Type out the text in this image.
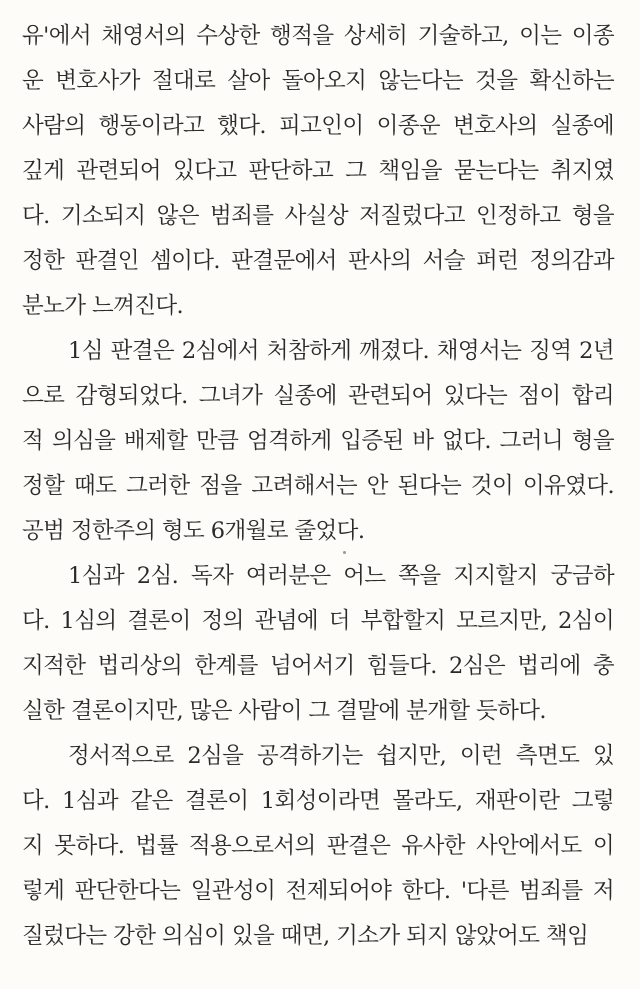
유'에서 채영서의 수상한 행적을 상세히 기술하고, 이는 이종
운 변호사가 절대로 살아 돌아오지 않는다는 것을 확신하는
사람의 행동이라고 했다. 피고인이 이종운 변호사의 실종에
깊게 관련되어 있다고 판단하고 그 책임을 묻는다는 취지였
다. 기소되지 않은 범죄를 사실상 저질렀다고 인정하고 형을
정한 판결인 셈이다. 판결문에서 판사의 서슬 퍼런 정의감과
분노가 느껴진다.
1심 판결은 2심에서 처참하게 깨졌다. 채영서는 징역 2년
으로 감형되었다. 그녀가 실종에 관련되어 있다는 점이 합리
적 의심을 배제할 만큼 엄격하게 입증된 바 없다. 그러니 형을
정할 때도 그러한 점을 고려해서는 안 된다는 것이 이유였다.
공범 정한주의 형도 6개월로 줄었다.
1심과 2심. 독자 여러분은 어느 쪽을 지지할지 궁금하
다. 1심의 결론이 정의 관념에 더 부합할지 모르지만, 2심이
지적한 법리상의 한계를 넘어서기 힘들다. 2심은 법리에 충
실한 결론이지만, 많은 사람이 그 결말에 분개할 듯하다.
정서적으로 2심을 공격하기는 쉽지만, 이런 측면도 있
다. 1심과 같은 결론이 1회성이라면 몰라도, 재판이란 그렇
지 못하다. 법률 적용으로서의 판결은 유사한 사안에서도 이
렇게 판단한다는 일관성이 전제되어야 한다. '다른 범죄를 저
질렀다는 강한 의심이 있을 때면, 기소가 되지 않았어도 책임
